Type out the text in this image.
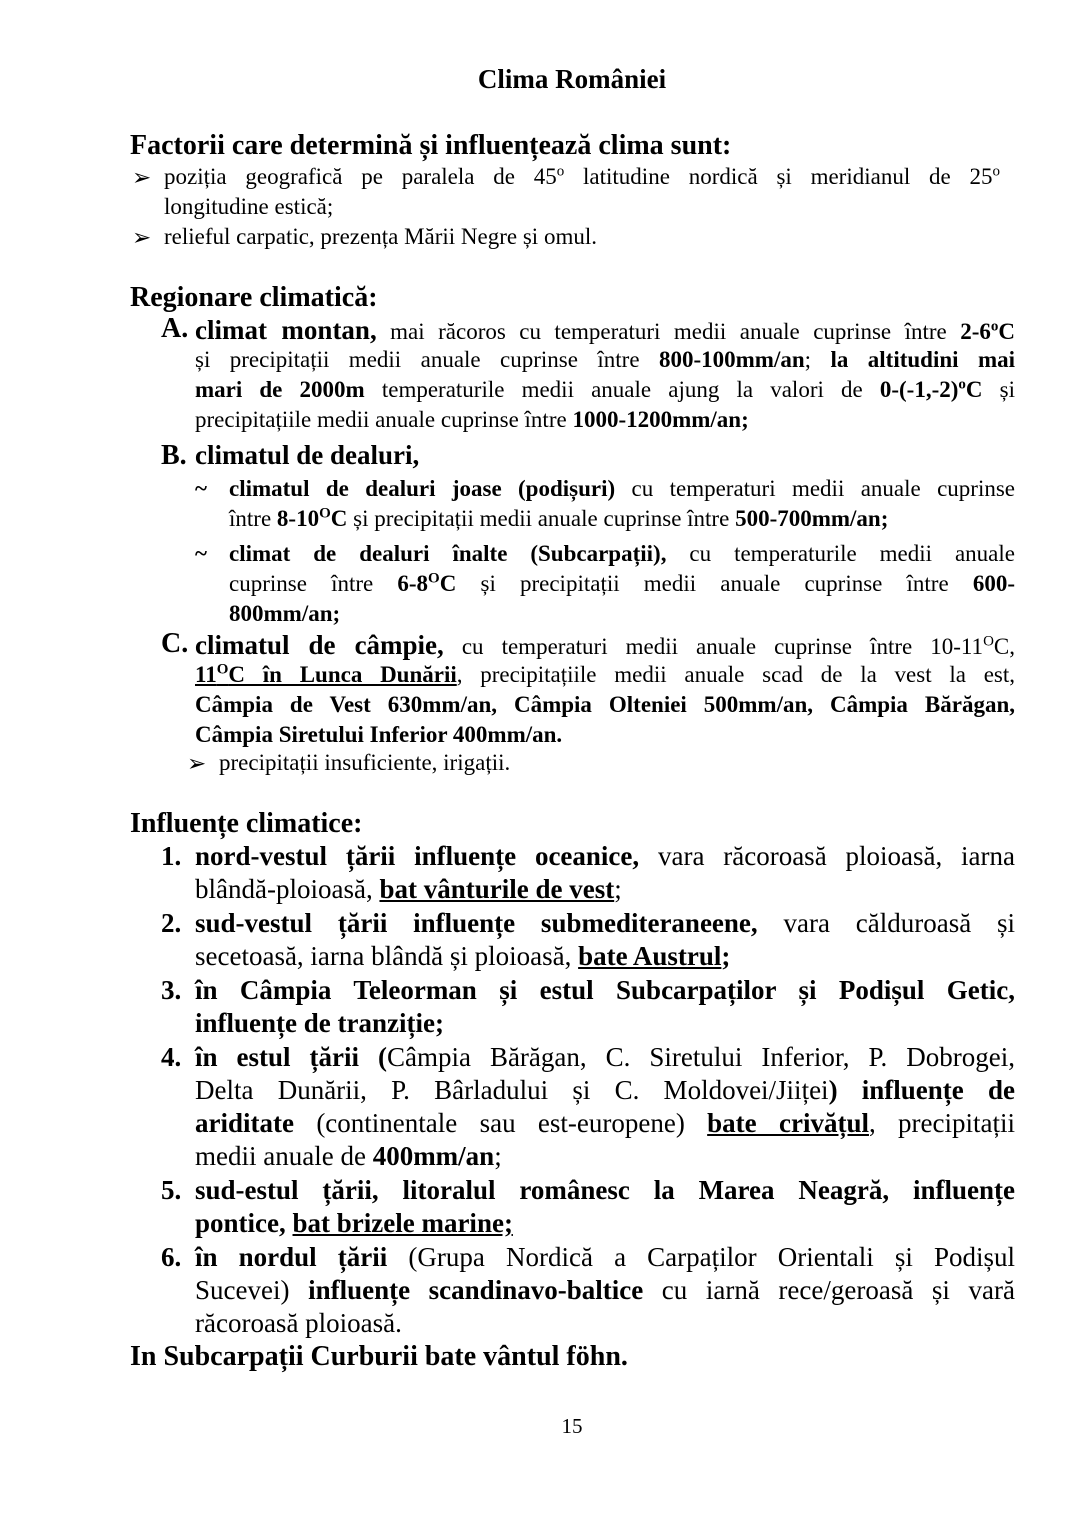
Clima României
Factorii care determină și influențează clima sunt:
➢ poziția geografică pe paralela de 45$^o$ latitudine nordică și meridianul de 25$^o$
longitudine estică;
➢ relieful carpatic, prezența Mării Negre și omul.
Regionare climatică:
A. climat montan, mai răcoros cu temperaturi medii anuale cuprinse între 2-6$^o$C
și precipitații medii anuale cuprinse între 800-100mm/an; la altitudini mai
mari de 2000m temperaturile medii anuale ajung la valori de $0-(-1,-2)^oC$ și
precipitațiile medii anuale cuprinse între 1000-1200mm/an;
B. climatul de dealuri,
~ climatul de dealuri joase (podișuri) cu temperaturi medii anuale cuprinse
între $8-10^OC$ și precipitații medii anuale cuprinse între 500-700mm/an;
~ climat de dealuri înalte (Subcarpații), cu temperaturile medii anuale
cuprinse între $6-8^OC$ și precipitații medii anuale cuprinse între 600-
800mm/an;
C. climatul de câmpie, cu temperaturi medii anuale cuprinse între $10-11^OC$,
$11^OC$ în Lunca Dunării, precipitațiile medii anuale scad de la vest la est,
Câmpia de Vest 630mm/an, Câmpia Olteniei 500mm/an, Câmpia Bărăgan,
Câmpia Siretului Inferior 400mm/an.
➢ precipitații insuficiente, irigații.
Influențe climatice:
1. nord-vestul țării influențe oceanice, vara răcoroasă ploioasă, iarna
blândă-ploioasă, bat vânturile de vest;
2. sud-vestul țării influențe submediteraneene, vara călduroasă și
secetoasă, iarna blândă și ploioasă, bate Austrul;
3. în Câmpia Teleorman și estul Subcarpaților și Podișul Getic,
influențe de tranziție;
4. în estul țării (Câmpia Bărăgan, C. Siretului Inferior, P. Dobrogei,
Delta Dunării, P. Bârladului și C. Moldovei/Jiiței) influențe de
ariditate (continentale sau est-europene) bate crivățul, precipitații
medii anuale de 400mm/an;
5. sud-estul țării, litoralul românesc la Marea Neagră, influențe
pontice, bat brizele marine;
6. în nordul țării (Grupa Nordică a Carpaților Orientali și Podișul
Sucevei) influențe scandinavo-baltice cu iarnă rece/geroasă și vară
răcoroasă ploioasă.
In Subcarpații Curburii bate vântul föhn.
15
